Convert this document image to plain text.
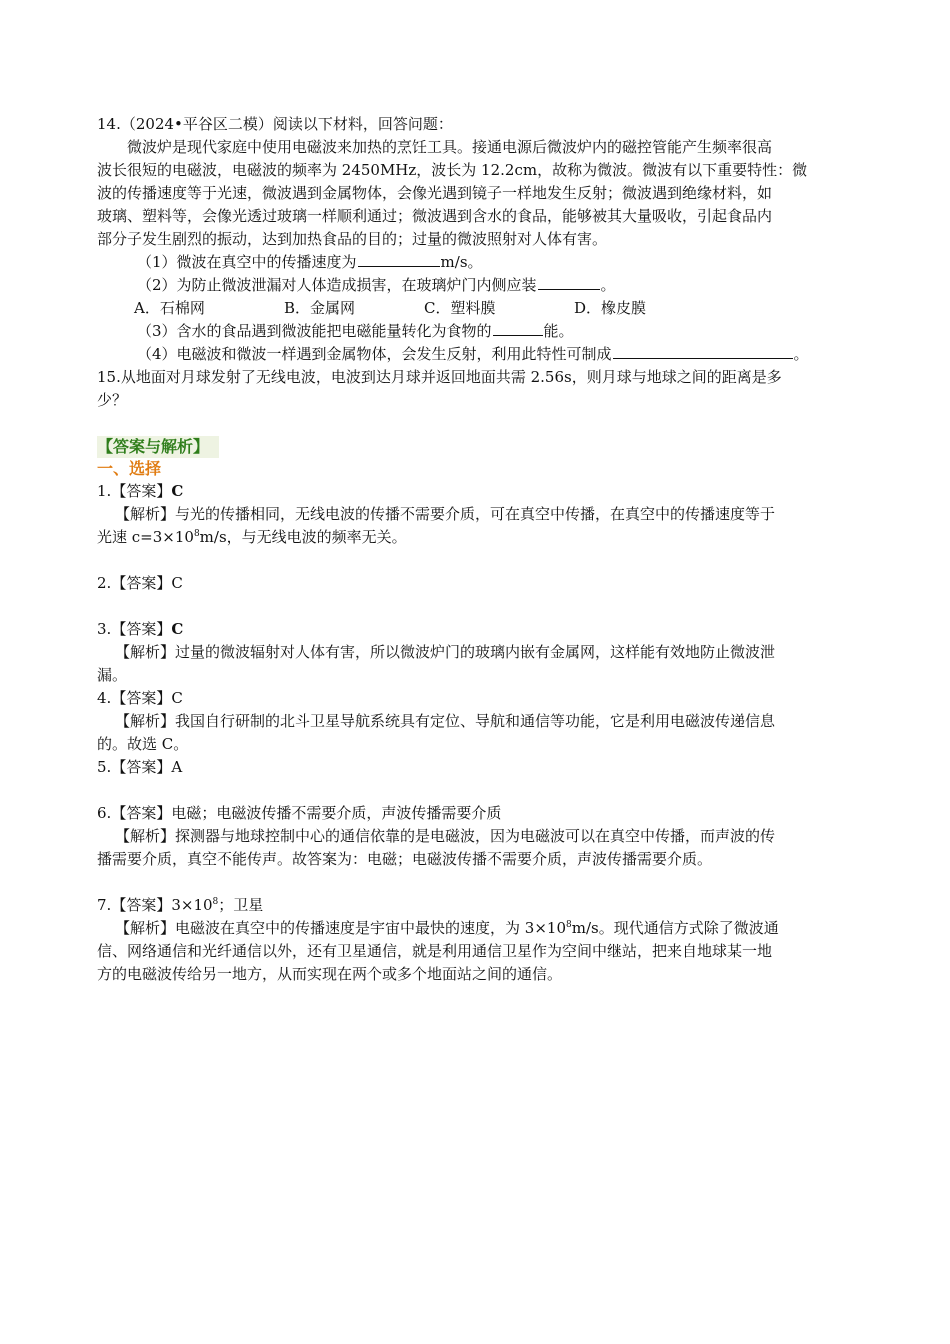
14.（2024•平谷区二模）阅读以下材料，回答问题：
微波炉是现代家庭中使用电磁波来加热的烹饪工具。接通电源后微波炉内的磁控管能产生频率很高
波长很短的电磁波，电磁波的频率为 2450MHz，波长为 12.2cm，故称为微波。微波有以下重要特性：微
波的传播速度等于光速，微波遇到金属物体，会像光遇到镜子一样地发生反射；微波遇到绝缘材料，如
玻璃、塑料等，会像光透过玻璃一样顺利通过；微波遇到含水的食品，能够被其大量吸收，引起食品内
部分子发生剧烈的振动，达到加热食品的目的；过量的微波照射对人体有害。
（1）微波在真空中的传播速度为	m/s。
（2）为防止微波泄漏对人体造成损害，在玻璃炉门内侧应装	。
A．石棉网	B．金属网	C．塑料膜	D．橡皮膜
（3）含水的食品遇到微波能把电磁能量转化为食物的	能。
（4）电磁波和微波一样遇到金属物体，会发生反射，利用此特性可制成	。
15.从地面对月球发射了无线电波，电波到达月球并返回地面共需 2.56s，则月球与地球之间的距离是多
少？
【答案与解析】
一、选择
1.【答案】C
【解析】与光的传播相同，无线电波的传播不需要介质，可在真空中传播，在真空中的传播速度等于
光速 $c=3\times 10^8m/s$，与无线电波的频率无关。
2.【答案】C
3.【答案】C
【解析】过量的微波辐射对人体有害，所以微波炉门的玻璃内嵌有金属网，这样能有效地防止微波泄
漏。
4.【答案】C
【解析】我国自行研制的北斗卫星导航系统具有定位、导航和通信等功能，它是利用电磁波传递信息
的。故选 C。
5.【答案】A
6.【答案】电磁；电磁波传播不需要介质，声波传播需要介质
【解析】探测器与地球控制中心的通信依靠的是电磁波，因为电磁波可以在真空中传播，而声波的传
播需要介质，真空不能传声。故答案为：电磁；电磁波传播不需要介质，声波传播需要介质。
7.【答案】$3\times 10^8$；卫星
【解析】电磁波在真空中的传播速度是宇宙中最快的速度，为 $3\times 10^8m/s$。现代通信方式除了微波通
信、网络通信和光纤通信以外，还有卫星通信，就是利用通信卫星作为空间中继站，把来自地球某一地
方的电磁波传给另一地方，从而实现在两个或多个地面站之间的通信。
